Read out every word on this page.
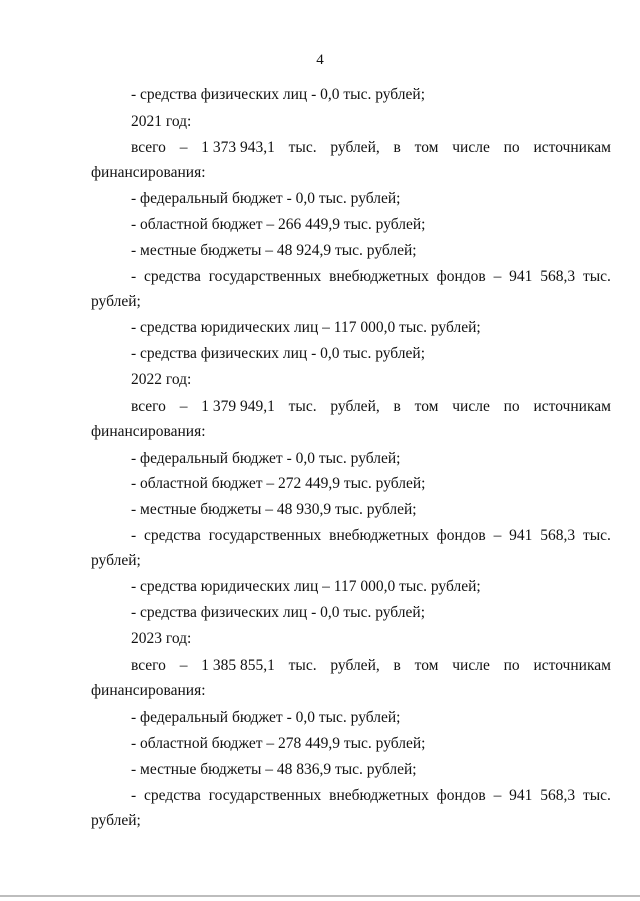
4
- средства физических лиц - 0,0 тыс. рублей;
2021 год:
всего – 1 373 943,1 тыс. рублей, в том числе по источникам
финансирования:
- федеральный бюджет - 0,0 тыс. рублей;
- областной бюджет – 266 449,9 тыс. рублей;
- местные бюджеты – 48 924,9 тыс. рублей;
- средства государственных внебюджетных фондов – 941 568,3 тыс.
рублей;
- средства юридических лиц – 117 000,0 тыс. рублей;
- средства физических лиц - 0,0 тыс. рублей;
2022 год:
всего – 1 379 949,1 тыс. рублей, в том числе по источникам
финансирования:
- федеральный бюджет - 0,0 тыс. рублей;
- областной бюджет – 272 449,9 тыс. рублей;
- местные бюджеты – 48 930,9 тыс. рублей;
- средства государственных внебюджетных фондов – 941 568,3 тыс.
рублей;
- средства юридических лиц – 117 000,0 тыс. рублей;
- средства физических лиц - 0,0 тыс. рублей;
2023 год:
всего – 1 385 855,1 тыс. рублей, в том числе по источникам
финансирования:
- федеральный бюджет - 0,0 тыс. рублей;
- областной бюджет – 278 449,9 тыс. рублей;
- местные бюджеты – 48 836,9 тыс. рублей;
- средства государственных внебюджетных фондов – 941 568,3 тыс.
рублей;
